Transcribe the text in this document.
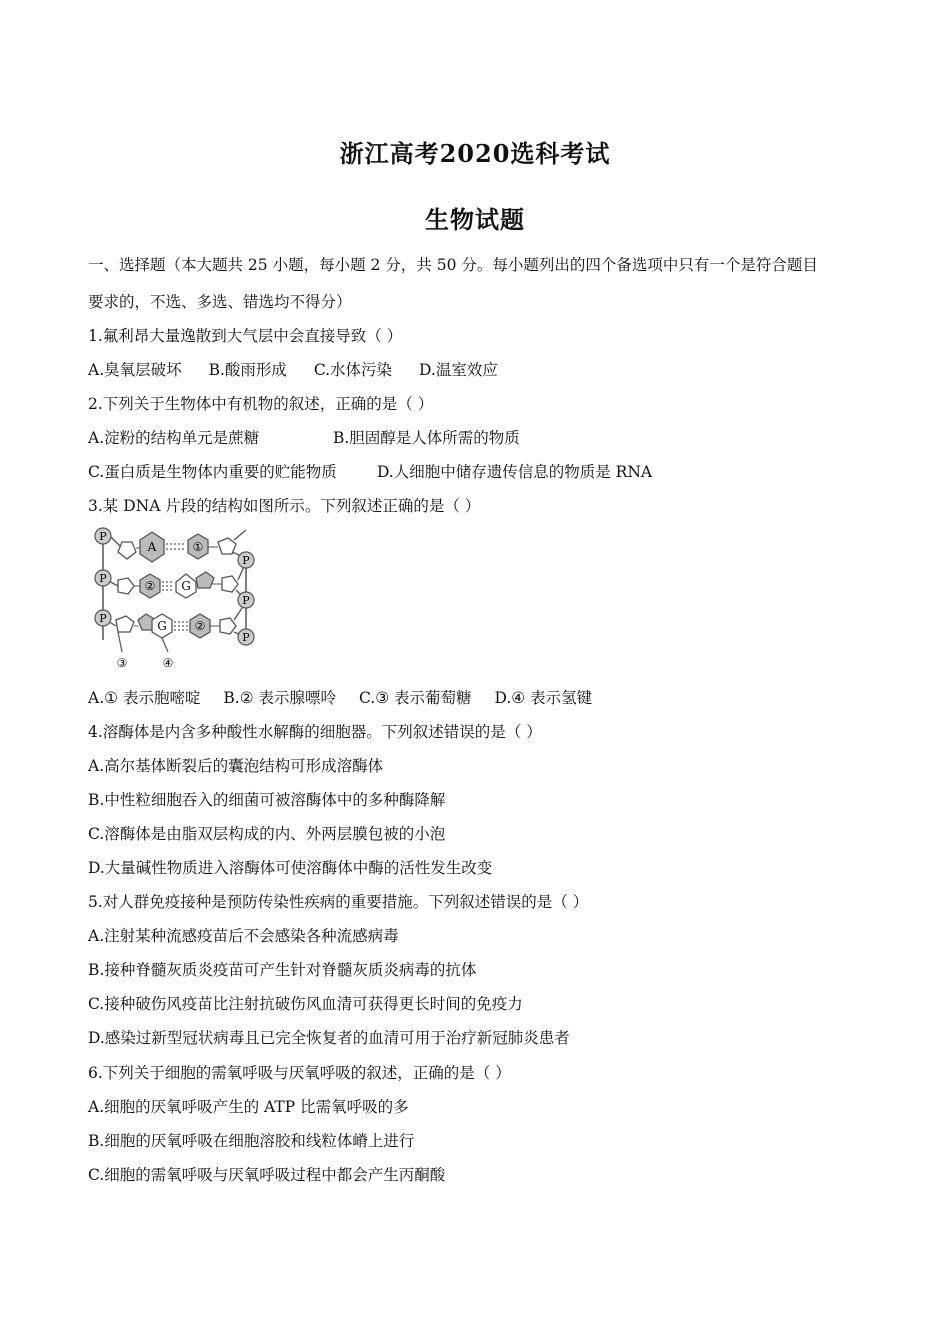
浙江高考2020选科考试
生物试题
一、选择题（本大题共 25 小题，每小题 2 分，共 50 分。每小题列出的四个备选项中只有一个是符合题目
要求的，不选、多选、错选均不得分）
1.氟利昂大量逸散到大气层中会直接导致（ ）
A.臭氧层破坏 B.酸雨形成 C.水体污染 D.温室效应
2.下列关于生物体中有机物的叙述，正确的是（ ）
A.淀粉的结构单元是蔗糖	B.胆固醇是人体所需的物质
C.蛋白质是生物体内重要的贮能物质	D.人细胞中储存遗传信息的物质是 RNA
3.某 DNA 片段的结构如图所示。下列叙述正确的是（ ）
A	①
② G
G ②
P
P
P
P
P
P
③	④
A.① 表示胞嘧啶 B.② 表示腺嘌呤 C.③ 表示葡萄糖 D.④ 表示氢键
4.溶酶体是内含多种酸性水解酶的细胞器。下列叙述错误的是（ ）
A.高尔基体断裂后的囊泡结构可形成溶酶体
B.中性粒细胞吞入的细菌可被溶酶体中的多种酶降解
C.溶酶体是由脂双层构成的内、外两层膜包被的小泡
D.大量碱性物质进入溶酶体可使溶酶体中酶的活性发生改变
5.对人群免疫接种是预防传染性疾病的重要措施。下列叙述错误的是（ ）
A.注射某种流感疫苗后不会感染各种流感病毒
B.接种脊髓灰质炎疫苗可产生针对脊髓灰质炎病毒的抗体
C.接种破伤风疫苗比注射抗破伤风血清可获得更长时间的免疫力
D.感染过新型冠状病毒且已完全恢复者的血清可用于治疗新冠肺炎患者
6.下列关于细胞的需氧呼吸与厌氧呼吸的叙述，正确的是（ ）
A.细胞的厌氧呼吸产生的 ATP 比需氧呼吸的多
B.细胞的厌氧呼吸在细胞溶胶和线粒体嵴上进行
C.细胞的需氧呼吸与厌氧呼吸过程中都会产生丙酮酸
